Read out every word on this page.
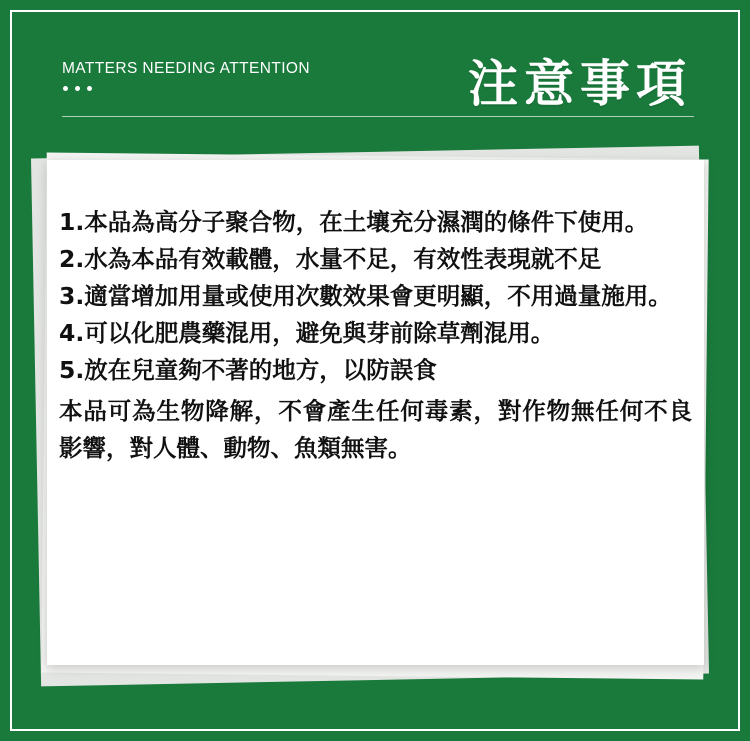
MATTERS NEEDING ATTENTION	注意事項
1.本品為高分子聚合物，在土壤充分濕潤的條件下使用。
2.水為本品有效載體，水量不足，有效性表現就不足
3.適當增加用量或使用次數效果會更明顯，不用過量施用。
4.可以化肥農藥混用，避免與芽前除草劑混用。
5.放在兒童夠不著的地方，以防誤食
本品可為生物降解，不會產生任何毒素，對作物無任何不良影響，對人體、動物、魚類無害。
